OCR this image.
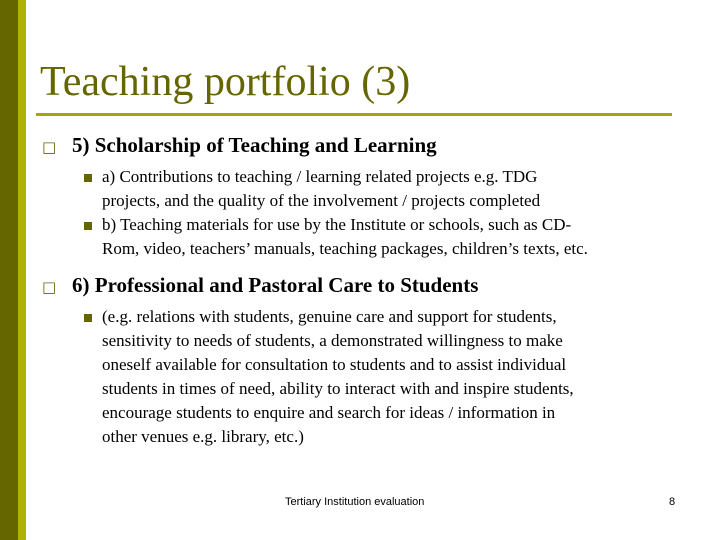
Teaching portfolio (3)
□ 5) Scholarship of Teaching and Learning
a) Contributions to teaching / learning related projects e.g. TDG
projects, and the quality of the involvement / projects completed
b) Teaching materials for use by the Institute or schools, such as CD-
Rom, video, teachers’ manuals, teaching packages, children’s texts, etc.
□ 6) Professional and Pastoral Care to Students
(e.g. relations with students, genuine care and support for students,
sensitivity to needs of students, a demonstrated willingness to make
oneself available for consultation to students and to assist individual
students in times of need, ability to interact with and inspire students,
encourage students to enquire and search for ideas / information in
other venues e.g. library, etc.)
Tertiary Institution evaluation	8
